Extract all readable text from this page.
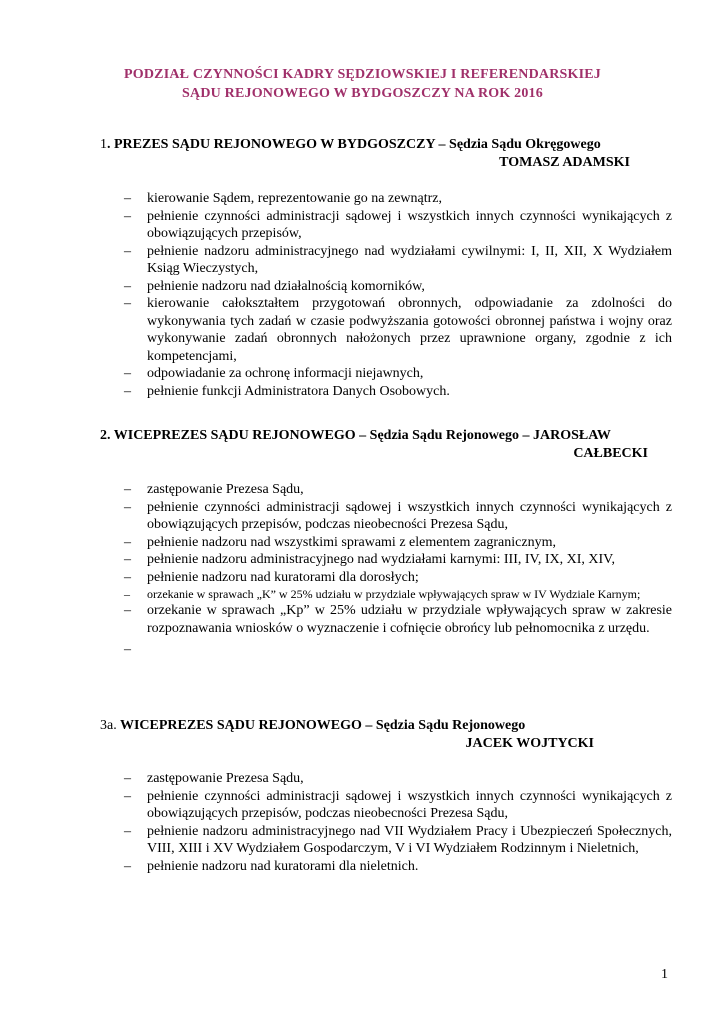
PODZIAŁ CZYNNOŚCI KADRY SĘDZIOWSKIEJ I REFERENDARSKIEJ
SĄDU REJONOWEGO W BYDGOSZCZY NA ROK 2016
1. PREZES SĄDU REJONOWEGO W BYDGOSZCZY – Sędzia Sądu Okręgowego
TOMASZ ADAMSKI
– kierowanie Sądem, reprezentowanie go na zewnątrz,
– pełnienie czynności administracji sądowej i wszystkich innych czynności wynikających z obowiązujących przepisów,
– pełnienie nadzoru administracyjnego nad wydziałami cywilnymi: I, II, XII, X Wydziałem Ksiąg Wieczystych,
– pełnienie nadzoru nad działalnością komorników,
– kierowanie całokształtem przygotowań obronnych, odpowiadanie za zdolności do wykonywania tych zadań w czasie podwyższania gotowości obronnej państwa i wojny oraz wykonywanie zadań obronnych nałożonych przez uprawnione organy, zgodnie z ich kompetencjami,
– odpowiadanie za ochronę informacji niejawnych,
– pełnienie funkcji Administratora Danych Osobowych.
2. WICEPREZES SĄDU REJONOWEGO – Sędzia Sądu Rejonowego – JAROSŁAW
CAŁBECKI
– zastępowanie Prezesa Sądu,
– pełnienie czynności administracji sądowej i wszystkich innych czynności wynikających z obowiązujących przepisów, podczas nieobecności Prezesa Sądu,
– pełnienie nadzoru nad wszystkimi sprawami z elementem zagranicznym,
– pełnienie nadzoru administracyjnego nad wydziałami karnymi: III, IV, IX, XI, XIV,
– pełnienie nadzoru nad kuratorami dla dorosłych;
– orzekanie w sprawach „K” w 25% udziału w przydziale wpływających spraw w IV Wydziale Karnym;
– orzekanie w sprawach „Kp” w 25% udziału w przydziale wpływających spraw w zakresie rozpoznawania wniosków o wyznaczenie i cofnięcie obrońcy lub pełnomocnika z urzędu.
–

3a. WICEPREZES SĄDU REJONOWEGO – Sędzia Sądu Rejonowego
JACEK WOJTYCKI
– zastępowanie Prezesa Sądu,
– pełnienie czynności administracji sądowej i wszystkich innych czynności wynikających z obowiązujących przepisów, podczas nieobecności Prezesa Sądu,
– pełnienie nadzoru administracyjnego nad VII Wydziałem Pracy i Ubezpieczeń Społecznych, VIII, XIII i XV Wydziałem Gospodarczym, V i VI Wydziałem Rodzinnym i Nieletnich,
– pełnienie nadzoru nad kuratorami dla nieletnich.
1
